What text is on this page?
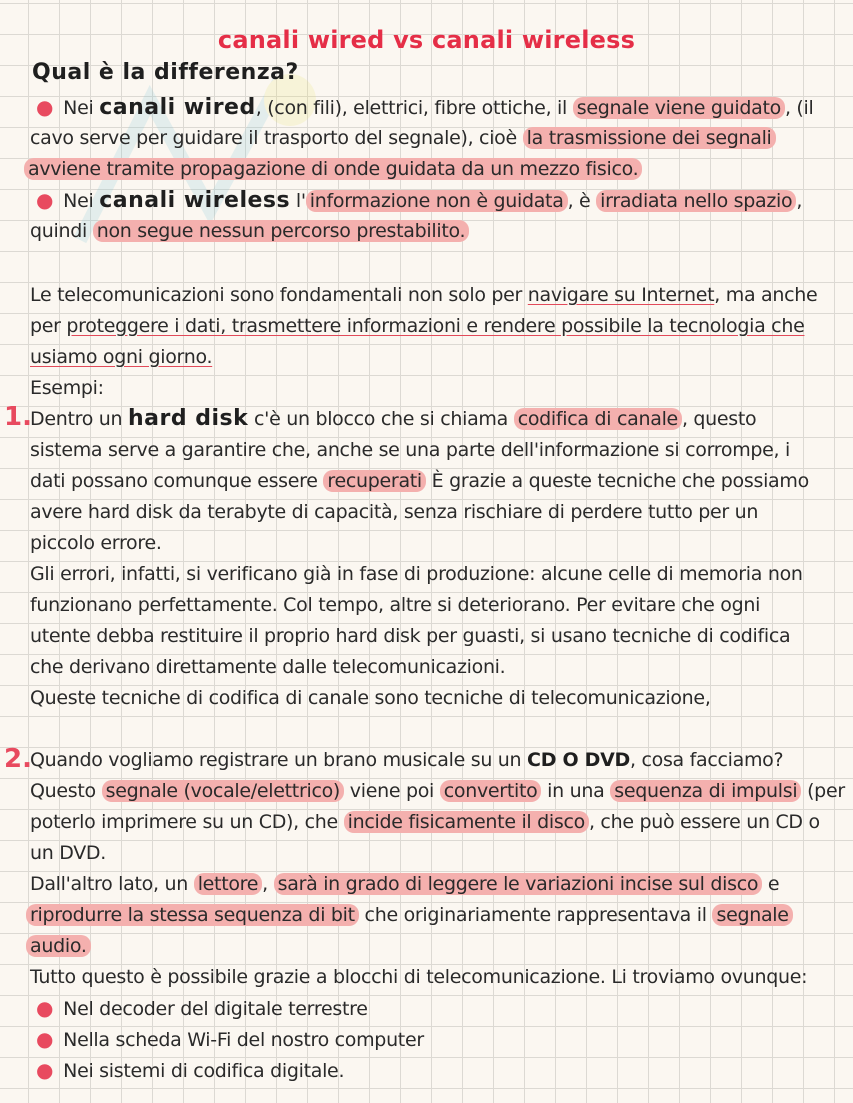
canali wired vs canali wireless
Qual è la differenza?
● Nei canali wired, (con fili), elettrici, fibre ottiche, il segnale viene guidato , (il
cavo serve per guidare il trasporto del segnale), cioè la trasmissione dei segnali
avviene tramite propagazione di onde guidata da un mezzo fisico.
● Nei canali wireless l' informazione non è guidata , è irradiata nello spazio ,
quindi non segue nessun percorso prestabilito.
Le telecomunicazioni sono fondamentali non solo per navigare su Internet, ma anche
per proteggere i dati, trasmettere informazioni e rendere possibile la tecnologia che
usiamo ogni giorno.
Esempi:
1.
Dentro un hard disk c'è un blocco che si chiama codifica di canale , questo
sistema serve a garantire che, anche se una parte dell'informazione si corrompe, i
dati possano comunque essere recuperati È grazie a queste tecniche che possiamo
avere hard disk da terabyte di capacità, senza rischiare di perdere tutto per un
piccolo errore.
Gli errori, infatti, si verificano già in fase di produzione: alcune celle di memoria non
funzionano perfettamente. Col tempo, altre si deteriorano. Per evitare che ogni
utente debba restituire il proprio hard disk per guasti, si usano tecniche di codifica
che derivano direttamente dalle telecomunicazioni.
Queste tecniche di codifica di canale sono tecniche di telecomunicazione,
2.
Quando vogliamo registrare un brano musicale su un CD O DVD, cosa facciamo?
Questo segnale (vocale/elettrico) viene poi convertito in una sequenza di impulsi (per
poterlo imprimere su un CD), che incide fisicamente il disco , che può essere un CD o
un DVD.
Dall'altro lato, un lettore , sarà in grado di leggere le variazioni incise sul disco e
riprodurre la stessa sequenza di bit che originariamente rappresentava il segnale
audio.
Tutto questo è possibile grazie a blocchi di telecomunicazione. Li troviamo ovunque:
● Nel decoder del digitale terrestre
● Nella scheda Wi-Fi del nostro computer
● Nei sistemi di codifica digitale.
